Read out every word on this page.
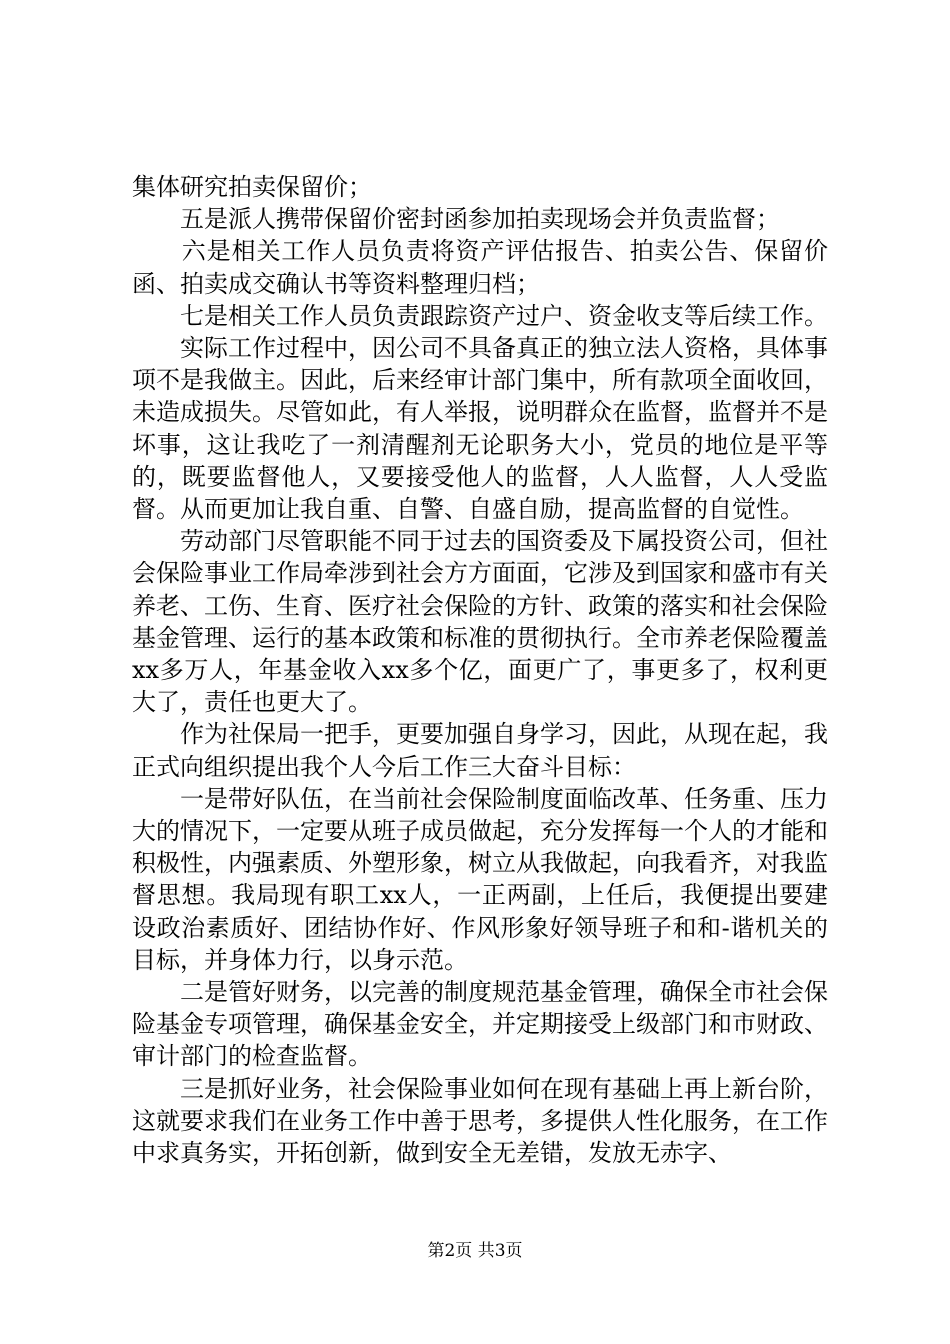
集体研究拍卖保留价；

　　五是派人携带保留价密封函参加拍卖现场会并负责监督；

　　六是相关工作人员负责将资产评估报告、拍卖公告、保留价函、拍卖成交确认书等资料整理归档；

　　七是相关工作人员负责跟踪资产过户、资金收支等后续工作。

　　实际工作过程中，因公司不具备真正的独立法人资格，具体事项不是我做主。因此，后来经审计部门集中，所有款项全面收回，未造成损失。尽管如此，有人举报，说明群众在监督，监督并不是坏事，这让我吃了一剂清醒剂无论职务大小，党员的地位是平等的，既要监督他人，又要接受他人的监督，人人监督，人人受监督。从而更加让我自重、自警、自盛自励，提高监督的自觉性。

　　劳动部门尽管职能不同于过去的国资委及下属投资公司，但社会保险事业工作局牵涉到社会方方面面，它涉及到国家和盛市有关养老、工伤、生育、医疗社会保险的方针、政策的落实和社会保险基金管理、运行的基本政策和标准的贯彻执行。全市养老保险覆盖xx多万人，年基金收入xx多个亿，面更广了，事更多了，权利更大了，责任也更大了。

　　作为社保局一把手，更要加强自身学习，因此，从现在起，我正式向组织提出我个人今后工作三大奋斗目标：

　　一是带好队伍，在当前社会保险制度面临改革、任务重、压力大的情况下，一定要从班子成员做起，充分发挥每一个人的才能和积极性，内强素质、外塑形象，树立从我做起，向我看齐，对我监督思想。我局现有职工xx人，一正两副，上任后，我便提出要建设政治素质好、团结协作好、作风形象好领导班子和和-谐机关的目标，并身体力行，以身示范。

　　二是管好财务，以完善的制度规范基金管理，确保全市社会保险基金专项管理，确保基金安全，并定期接受上级部门和市财政、审计部门的检查监督。

　　三是抓好业务，社会保险事业如何在现有基础上再上新台阶，这就要求我们在业务工作中善于思考，多提供人性化服务，在工作中求真务实，开拓创新，做到安全无差错，发放无赤字、

第2页 共3页
